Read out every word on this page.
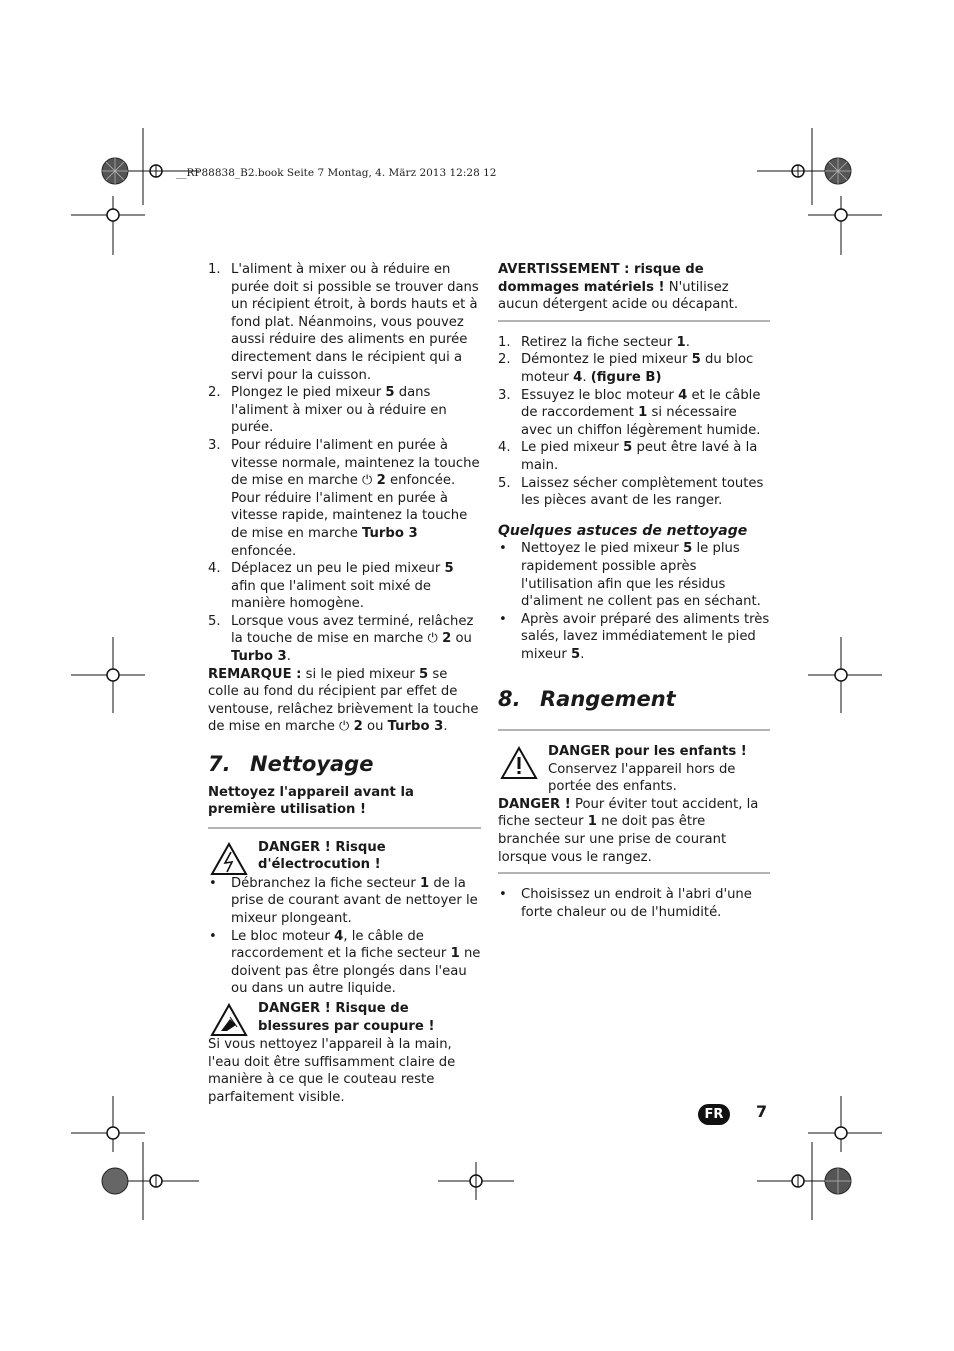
__RP88838_B2.book Seite 7 Montag, 4. März 2013 12:28 12
1. L'aliment à mixer ou à réduire en purée doit si possible se trouver dans un récipient étroit, à bords hauts et à fond plat. Néanmoins, vous pouvez aussi réduire des aliments en purée directement dans le récipient qui a servi pour la cuisson.
2. Plongez le pied mixeur 5 dans l'aliment à mixer ou à réduire en purée.
3. Pour réduire l'aliment en purée à vitesse normale, maintenez la touche de mise en marche ⏻ 2 enfoncée.
Pour réduire l'aliment en purée à vitesse rapide, maintenez la touche de mise en marche Turbo 3 enfoncée.
4. Déplacez un peu le pied mixeur 5 afin que l'aliment soit mixé de manière homogène.
5. Lorsque vous avez terminé, relâchez la touche de mise en marche ⏻ 2 ou Turbo 3.

REMARQUE : si le pied mixeur 5 se colle au fond du récipient par effet de ventouse, relâchez brièvement la touche de mise en marche ⏻ 2 ou Turbo 3.

7. Nettoyage

Nettoyez l'appareil avant la première utilisation !

DANGER ! Risque d'électrocution !

• Débranchez la fiche secteur 1 de la prise de courant avant de nettoyer le mixeur plongeant.
• Le bloc moteur 4, le câble de raccordement et la fiche secteur 1 ne doivent pas être plongés dans l'eau ou dans un autre liquide.

DANGER ! Risque de blessures par coupure !

Si vous nettoyez l'appareil à la main, l'eau doit être suffisamment claire de manière à ce que le couteau reste parfaitement visible.

AVERTISSEMENT : risque de dommages matériels ! N'utilisez aucun détergent acide ou décapant.

1. Retirez la fiche secteur 1.
2. Démontez le pied mixeur 5 du bloc moteur 4. (figure B)
3. Essuyez le bloc moteur 4 et le câble de raccordement 1 si nécessaire avec un chiffon légèrement humide.
4. Le pied mixeur 5 peut être lavé à la main.
5. Laissez sécher complètement toutes les pièces avant de les ranger.

Quelques astuces de nettoyage

• Nettoyez le pied mixeur 5 le plus rapidement possible après l'utilisation afin que les résidus d'aliment ne collent pas en séchant.
• Après avoir préparé des aliments très salés, lavez immédiatement le pied mixeur 5.
8. Rangement

DANGER pour les enfants !

Conservez l'appareil hors de portée des enfants.

DANGER ! Pour éviter tout accident, la fiche secteur 1 ne doit pas être branchée sur une prise de courant lorsque vous le rangez.

• Choisissez un endroit à l'abri d'une forte chaleur ou de l'humidité.
FR	7
